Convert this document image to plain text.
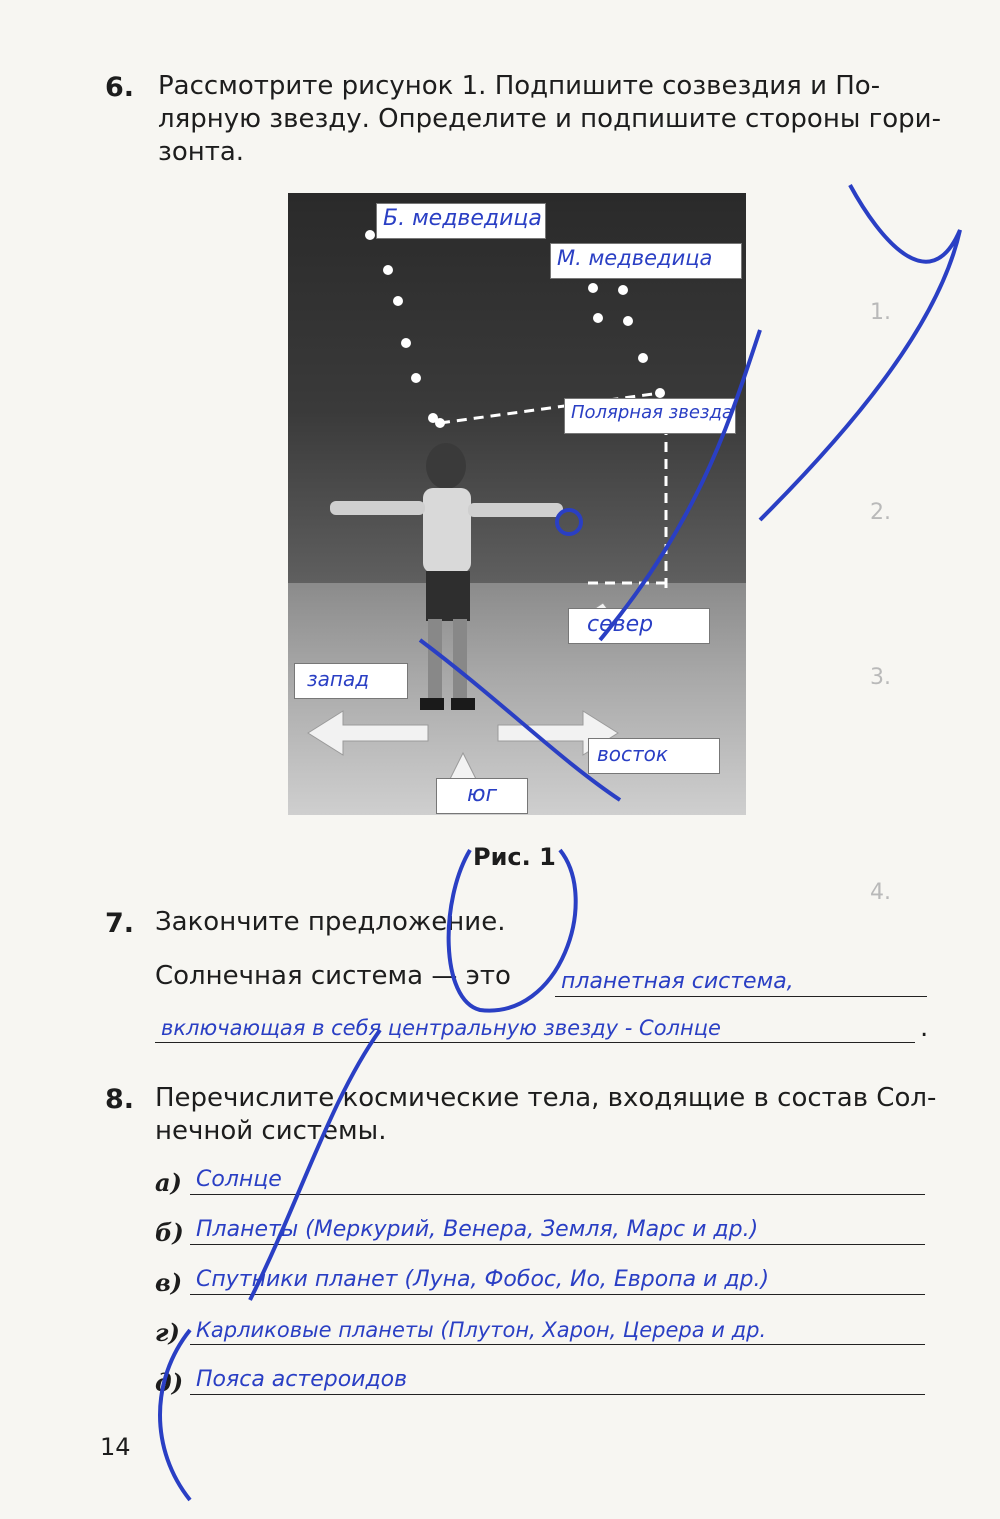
1.
2.
3.
4.
6. Рассмотрите рисунок 1. Подпишите созвездия и По-
лярную звезду. Определите и подпишите стороны гори-
зонта.
Б. медведица
М. медведица
Полярная звезда
север
запад
восток
юг
Рис. 1
7. Закончите предложение.
Солнечная система — это планетная система,
включающая в себя центральную звезду - Солнце	.
8. Перечислите космические тела, входящие в состав Сол-
нечной системы.
а) Солнце
б) Планеты (Меркурий, Венера, Земля, Марс и др.)
в) Спутники планет (Луна, Фобос, Ио, Европа и др.)
г) Карликовые планеты (Плутон, Харон, Церера и др.
д) Пояса астероидов
14
